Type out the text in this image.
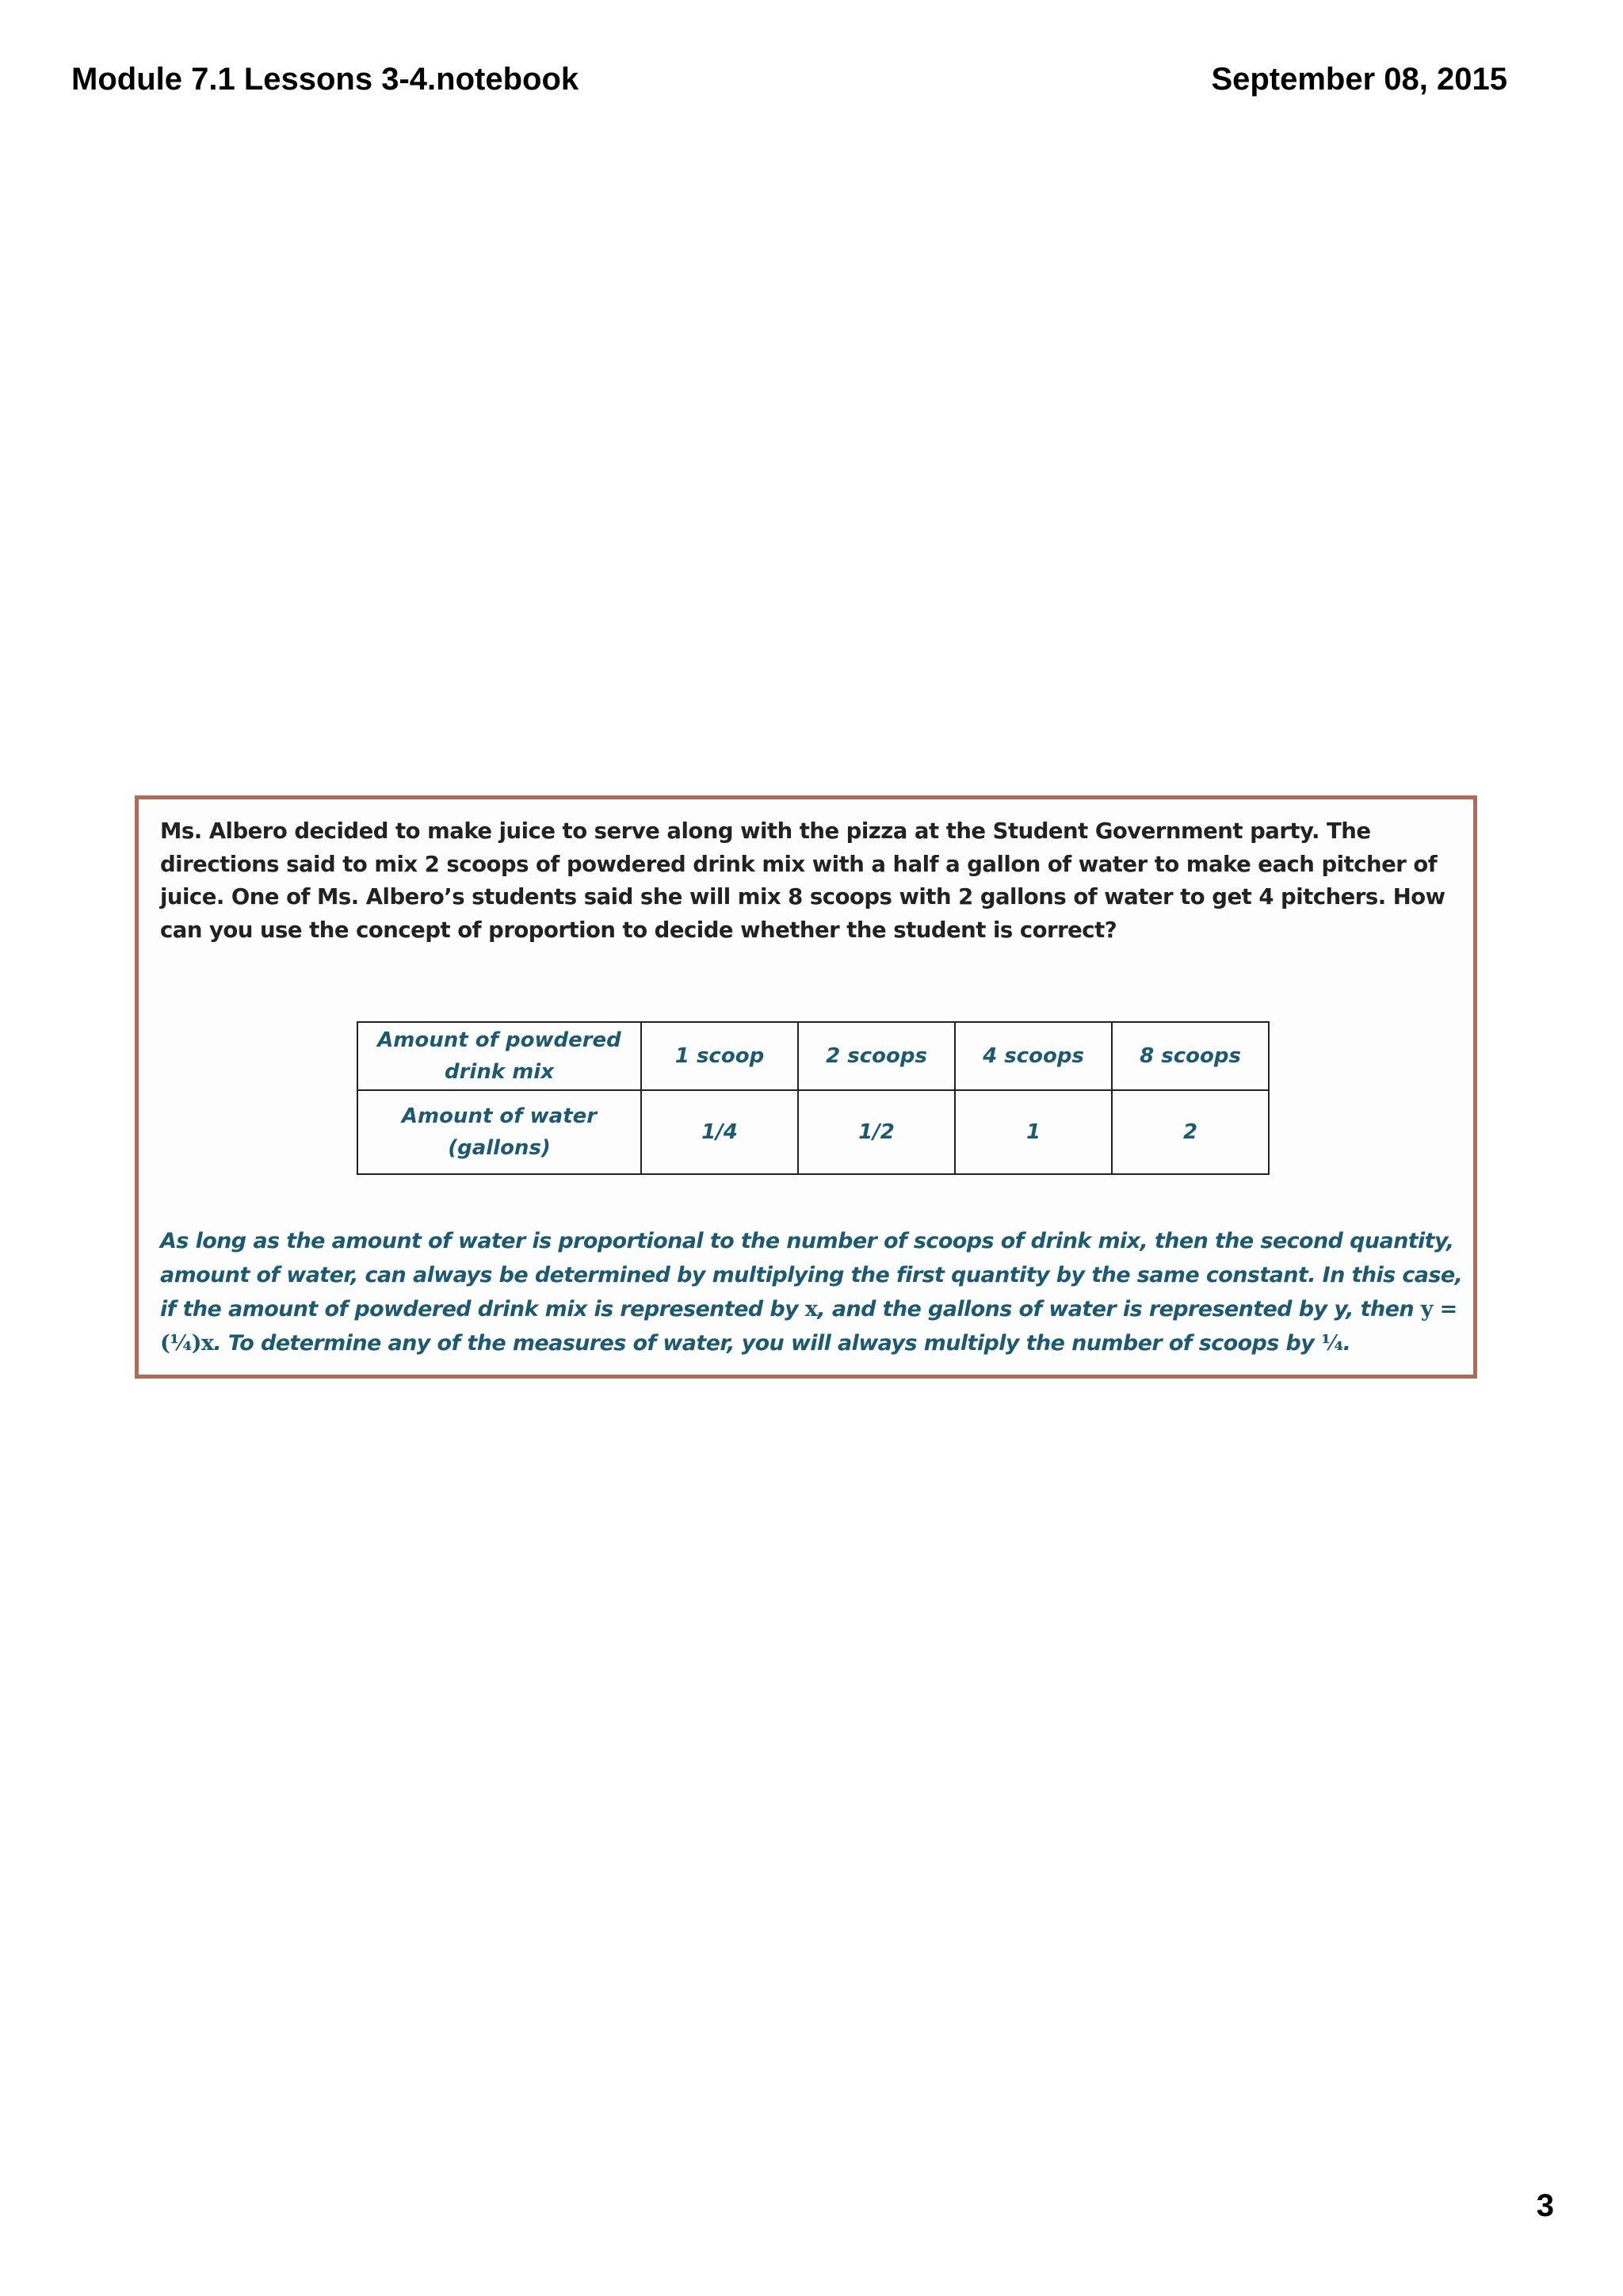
Module 7.1 Lessons 3-4.notebook	September 08, 2015
Ms. Albero decided to make juice to serve along with the pizza at the Student Government party. The directions said to mix 2 scoops of powdered drink mix with a half a gallon of water to make each pitcher of juice. One of Ms. Albero’s students said she will mix 8 scoops with 2 gallons of water to get 4 pitchers. How can you use the concept of proportion to decide whether the student is correct?
Amount of powdered drink mix	1 scoop	2 scoops	4 scoops	8 scoops
Amount of water (gallons)	1/4	1/2	1	2
As long as the amount of water is proportional to the number of scoops of drink mix, then the second quantity, amount of water, can always be determined by multiplying the first quantity by the same constant. In this case, if the amount of powdered drink mix is represented by x, and the gallons of water is represented by y, then y = (¼)x. To determine any of the measures of water, you will always multiply the number of scoops by ¼.
3
